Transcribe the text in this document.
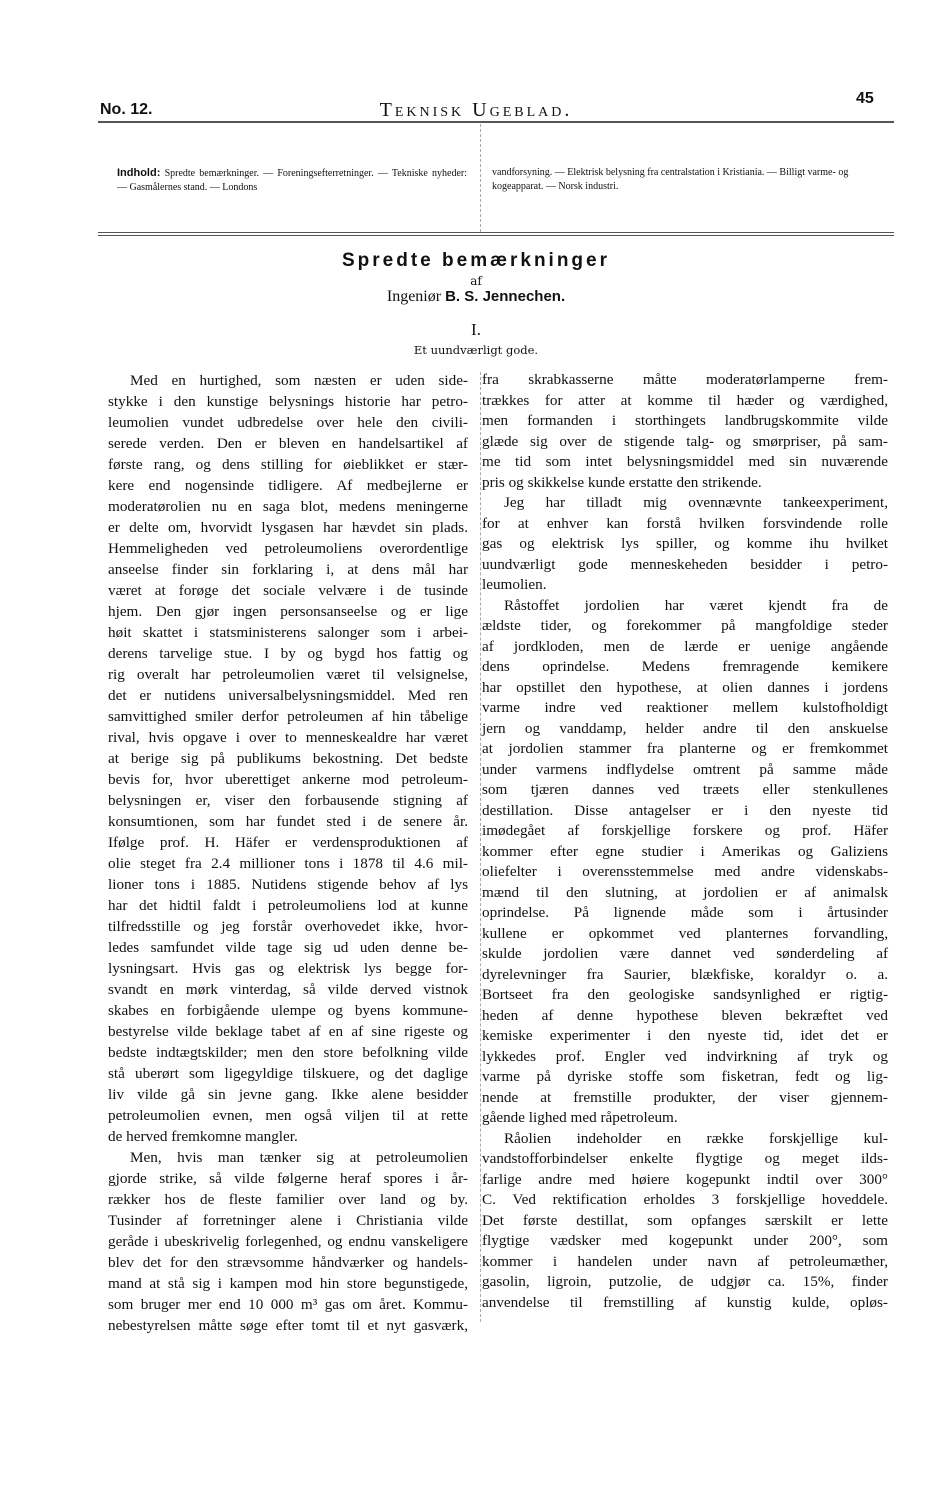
No. 12.	Teknisk Ugeblad.
45
Indhold: Spredte bemærkninger. — Foreningsefterretninger. — Tekniske nyheder: — Gasmålernes stand. — Londons
vandforsyning. — Elektrisk belysning fra centralstation i Kristiania. — Billigt varme- og kogeapparat. — Norsk industri.
Spredte bemærkninger
af
Ingeniør B. S. Jennechen.
I.
Et uundværligt gode.
Med en hurtighed, som næsten er uden side-
stykke i den kunstige belysnings historie har petro-
leumolien vundet udbredelse over hele den civili-
serede verden. Den er bleven en handelsartikel af
første rang, og dens stilling for øieblikket er stær-
kere end nogensinde tidligere. Af medbejlerne er
moderatørolien nu en saga blot, medens meningerne
er delte om, hvorvidt lysgasen har hævdet sin plads.
Hemmeligheden ved petroleumoliens overordentlige
anseelse finder sin forklaring i, at dens mål har
været at forøge det sociale velvære i de tusinde
hjem. Den gjør ingen personsanseelse og er lige
høit skattet i statsministerens salonger som i arbei-
derens tarvelige stue. I by og bygd hos fattig og
rig overalt har petroleumolien været til velsignelse,
det er nutidens universalbelysningsmiddel. Med ren
samvittighed smiler derfor petroleumen af hin tåbelige
rival, hvis opgave i over to menneskealdre har været
at berige sig på publikums bekostning. Det bedste
bevis for, hvor uberettiget ankerne mod petroleum-
belysningen er, viser den forbausende stigning af
konsumtionen, som har fundet sted i de senere år.
Ifølge prof. H. Häfer er verdensproduktionen af
olie steget fra 2.4 millioner tons i 1878 til 4.6 mil-
lioner tons i 1885. Nutidens stigende behov af lys
har det hidtil faldt i petroleumoliens lod at kunne
tilfredsstille og jeg forstår overhovedet ikke, hvor-
ledes samfundet vilde tage sig ud uden denne be-
lysningsart. Hvis gas og elektrisk lys begge for-
svandt en mørk vinterdag, så vilde derved vistnok
skabes en forbigående ulempe og byens kommune-
bestyrelse vilde beklage tabet af en af sine rigeste og
bedste indtægtskilder; men den store befolkning vilde
stå uberørt som ligegyldige tilskuere, og det daglige
liv vilde gå sin jevne gang. Ikke alene besidder
petroleumolien evnen, men også viljen til at rette
de herved fremkomne mangler.
Men, hvis man tænker sig at petroleumolien
gjorde strike, så vilde følgerne heraf spores i år-
rækker hos de fleste familier over land og by.
Tusinder af forretninger alene i Christiania vilde
geråde i ubeskrivelig forlegenhed, og endnu vanskeligere
blev det for den strævsomme håndværker og handels-
mand at stå sig i kampen mod hin store begunstigede,
som bruger mer end 10 000 m³ gas om året. Kommu-
nebestyrelsen måtte søge efter tomt til et nyt gasværk,
fra skrabkasserne måtte moderatørlamperne frem-
trækkes for atter at komme til hæder og værdighed,
men formanden i storthingets landbrugskommite vilde
glæde sig over de stigende talg- og smørpriser, på sam-
me tid som intet belysningsmiddel med sin nuværende
pris og skikkelse kunde erstatte den strikende.
Jeg har tilladt mig ovennævnte tankeexperiment,
for at enhver kan forstå hvilken forsvindende rolle
gas og elektrisk lys spiller, og komme ihu hvilket
uundværligt gode menneskeheden besidder i petro-
leumolien.
Råstoffet jordolien har været kjendt fra de
ældste tider, og forekommer på mangfoldige steder
af jordkloden, men de lærde er uenige angående
dens oprindelse. Medens fremragende kemikere
har opstillet den hypothese, at olien dannes i jordens
varme indre ved reaktioner mellem kulstofholdigt
jern og vanddamp, helder andre til den anskuelse
at jordolien stammer fra planterne og er fremkommet
under varmens indflydelse omtrent på samme måde
som tjæren dannes ved træets eller stenkullenes
destillation. Disse antagelser er i den nyeste tid
imødegået af forskjellige forskere og prof. Häfer
kommer efter egne studier i Amerikas og Galiziens
oliefelter i overensstemmelse med andre videnskabs-
mænd til den slutning, at jordolien er af animalsk
oprindelse. På lignende måde som i årtusinder
kullene er opkommet ved planternes forvandling,
skulde jordolien være dannet ved sønderdeling af
dyrelevninger fra Saurier, blækfiske, koraldyr o. a.
Bortseet fra den geologiske sandsynlighed er rigtig-
heden af denne hypothese bleven bekræftet ved
kemiske experimenter i den nyeste tid, idet det er
lykkedes prof. Engler ved indvirkning af tryk og
varme på dyriske stoffe som fisketran, fedt og lig-
nende at fremstille produkter, der viser gjennem-
gående lighed med råpetroleum.
Råolien indeholder en række forskjellige kul-
vandstofforbindelser enkelte flygtige og meget ilds-
farlige andre med høiere kogepunkt indtil over 300°
C. Ved rektification erholdes 3 forskjellige hoveddele.
Det første destillat, som opfanges særskilt er lette
flygtige vædsker med kogepunkt under 200°, som
kommer i handelen under navn af petroleumæther,
gasolin, ligroin, putzolie, de udgjør ca. 15%, finder
anvendelse til fremstilling af kunstig kulde, opløs-
